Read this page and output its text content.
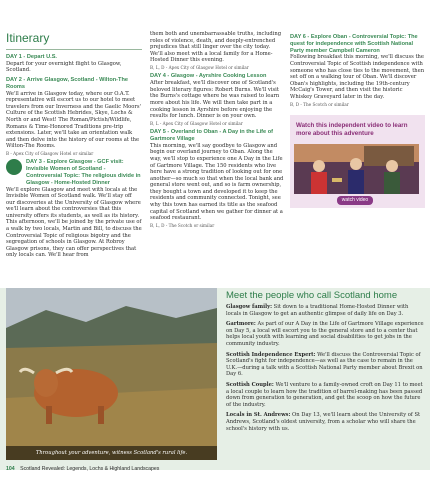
Itinerary
DAY 1 - Depart U.S.

Depart for your overnight flight to Glasgow, Scotland.

DAY 2 - Arrive Glasgow, Scotland - Wilton-The Rooms

We'll arrive in Glasgow today, where our O.A.T. representative will escort us to our hotel to meet travelers from our Inverness and the Gaelic Moors' Culture of the Scottish Hebrides, Skye, Lochs & North or and West! The Roman/Pictish/Wildlife, Romans & Time-Honored Traditions pre-trip extensions. Later, we'll take an orientation walk and then delve into the history of our rooms at the Wilton-The Rooms.

B - Apex City of Glasgow Hotel or similar

DAY 3 - Explore Glasgow - GCF visit: Invisible Women of Scotland - Controversial Topic: The religious divide in Glasgow - Home-Hosted Dinner

We'll explore Glasgow and meet with locals at the Invisible Women of Scotland walk. We'll stay off our discoveries at the University of Glasgow where we'll learn about the controversies that this university offers its students, as well as its history. This afternoon, we'll be joined by the private use of a walk by two locals, Martin and Bill, to discuss the Controversial Topic of religious bigotry and the segregation of schools in Glasgow. At Robroy Glasgow prisons, they can offer perspectives that only locals can. We'll hear from

them both and unembarrassable truths, including roles of violence, death, and deeply-entrenched prejudices that still linger over the city today. We'll also meet with a local family for a Home-Hosted Dinner this evening.

B, L, D - Apex City of Glasgow Hotel or similar

DAY 4 - Glasgow - Ayrshire Cooking Lesson

After breakfast, we'll discover one of Scotland's beloved literary figures: Robert Burns. We'll visit the Burns's cottage where he was raised to learn more about his life. We will then take part in a cooking lesson in Ayrshire before enjoying the results for lunch. Dinner is on your own.

B, L - Apex City of Glasgow Hotel or similar

DAY 5 - Overland to Oban - A Day in the Life of Gartmore Village

This morning, we'll say goodbye to Glasgow and begin our overland journey to Oban. Along the way, we'll stop to experience one A Day in the Life of Gartmore Village. The 150 residents who live here have a strong tradition of looking out for one another—so much so that when the local bank and general store went out, and so is farm ownership, they bought a town and developed it to keep the residents and community connected. Tonight, see why this town has earned its title as the seafood capital of Scotland when we gather for dinner at a seafood restaurant.

B, L, D - The Scotch or similar

DAY 6 - Explore Oban - Controversial Topic: The quest for independence with Scottish National Party member Campbell Cameron

Following breakfast this morning, we'll discuss the Controversial Topic of Scottish independence with someone who has close ties to the movement, then set off on a walking tour of Oban. We'll discover Oban's highlights, including the 19th-century McCaig's Tower, and then visit the historic Whiskey Graveyard later in the day.

B, D - The Scotch or similar

Watch this independent video to learn more about this adventure
watch video
Throughout your adventure, witness Scotland's rural life.
Meet the people who call Scotland home

Glasgow family: Sit down to a traditional Home-Hosted Dinner with locals in Glasgow to get an authentic glimpse of daily life on Day 3.

Gartmore: As part of our A Day in the Life of Gartmore Village experience on Day 5, a local will escort you to the general store and to a center that helps local youth with learning and social disabilities to get jobs in the community industry.

Scottish Independence Expert: We'll discuss the Controversial Topic of Scotland's fight for independence—as well as the case to remain in the U.K.—during a talk with a Scottish National Party member about Brexit on Day 6.

Scottish Couple: We'll venture to a family-owned croft on Day 11 to meet a local couple to learn how the tradition of barrel-making has been passed down from generation to generation, and get the scoop on how the future of the industry.

Locals in St. Andrews: On Day 13, we'll learn about the University of St Andrews, Scotland's oldest university, from a scholar who will share the school's history with us.

104 Scotland Revealed: Legends, Lochs & Highland Landscapes
